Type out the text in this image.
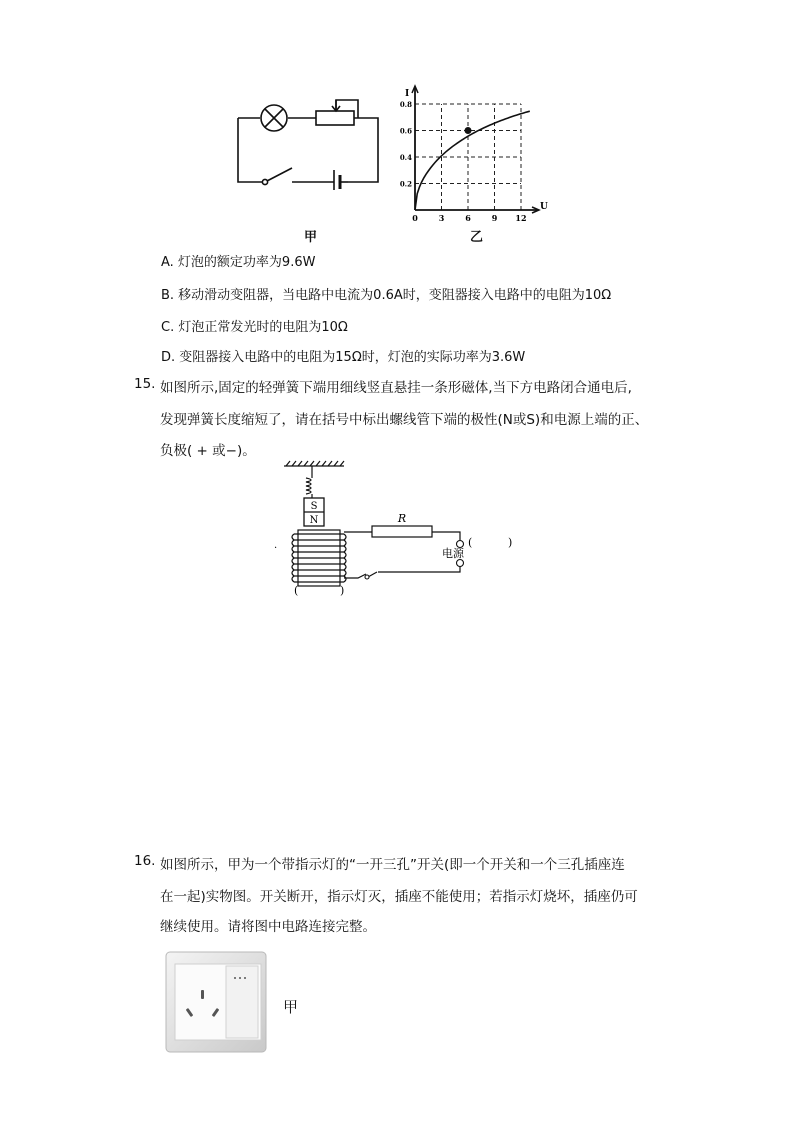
甲
0	3	6	9 12
0.8
0.6
0.4
0.2
I
U
乙
A. 灯泡的额定功率为9.6W
B. 移动滑动变阻器，当电路中电流为0.6A时，变阻器接入电路中的电阻为10Ω
C. 灯泡正常发光时的电阻为10Ω
D. 变阻器接入电路中的电阻为15Ω时，灯泡的实际功率为3.6W
15. 如图所示,固定的轻弹簧下端用细线竖直悬挂一条形磁体,当下方电路闭合通电后,
发现弹簧长度缩短了，请在括号中标出螺线管下端的极性(N或S)和电源上端的正、
负极( + 或−)。
S
N	R
电源
(	)
(	)
.
16. 如图所示，甲为一个带指示灯的“一开三孔”开关(即一个开关和一个三孔插座连
在一起)实物图。开关断开，指示灯灭，插座不能使用；若指示灯烧坏，插座仍可
继续使用。请将图中电路连接完整。
甲
